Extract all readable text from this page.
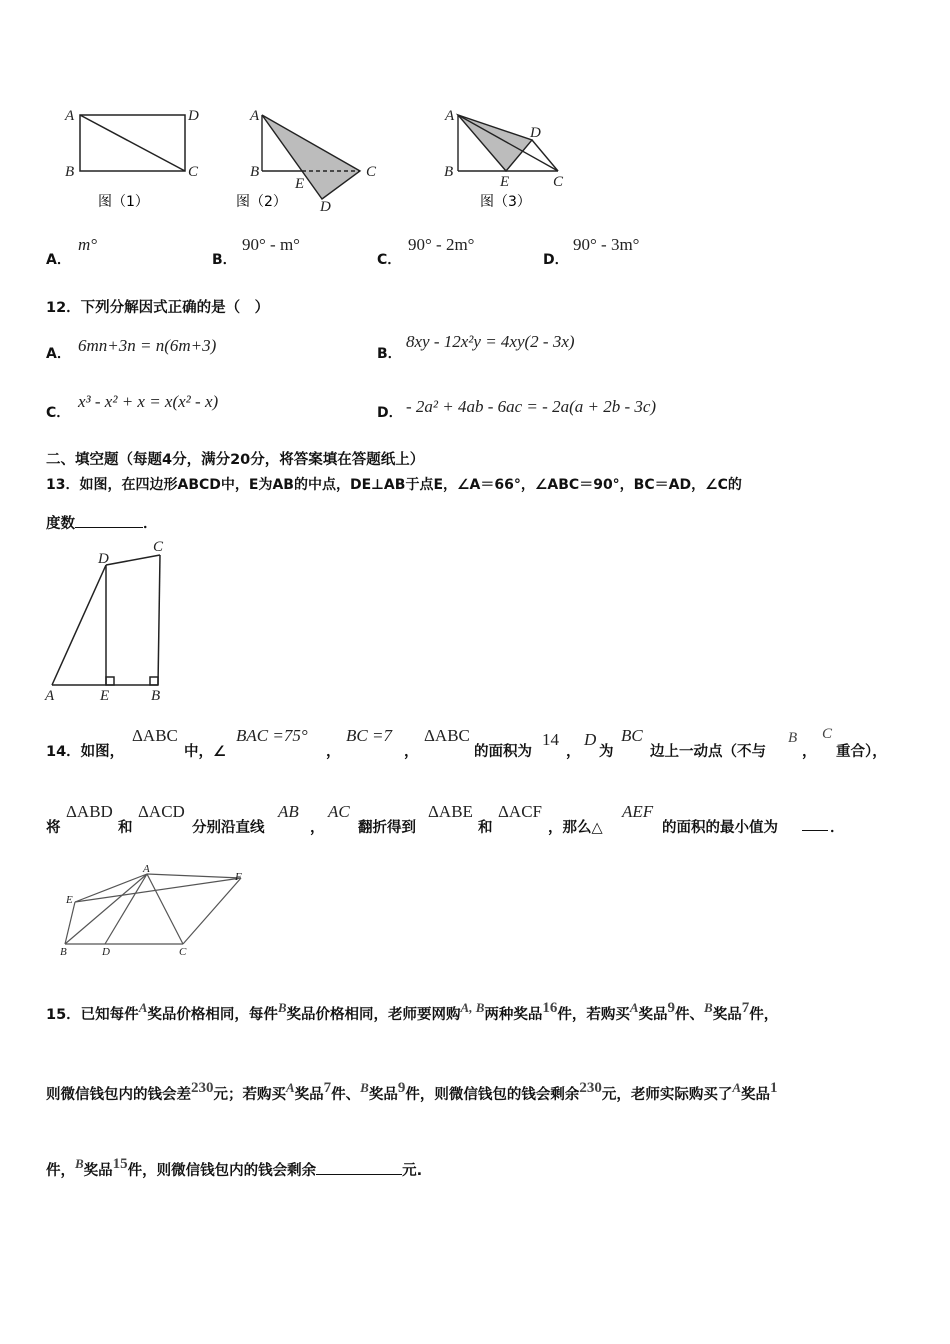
A	D
B	C
图（1）
A
B
E
C
D
图（2）
A
D
B
E	C
图（3）
A．
m°
B．
90° - m°
C．
90° - 2m°
D．
90° - 3m°
12．下列分解因式正确的是（　）
A． 6mn+3n = n(6m+3)	B．
8xy - 12x²y = 4xy(2 - 3x)
C．
x³ - x² + x = x(x² - x)
D． - 2a² + 4ab - 6ac = - 2a(a + 2b - 3c)
二、填空题（每题4分，满分20分，将答案填在答题纸上）
13．如图，在四边形ABCD中，E为AB的中点，DE⊥AB于点E，∠A＝66°，∠ABC＝90°，BC＝AD，∠C的
度数	．
D
C
A	E	B
14．如图，
ΔABC
中，∠
BAC =75°
，
BC =7
，
ΔABC
的面积为
14
，
D
为
BC
边上一动点（不与
B
，
C
重合），
将
ΔABD
和
ΔACD
分别沿直线
AB
，
AC
翻折得到
ΔABE
和
ΔACF
，那么△
AEF
的面积的最小值为	．
A
F
E
B	D	C
15．已知每件A奖品价格相同，每件B奖品价格相同，老师要网购A, B两种奖品16件，若购买A奖品9件、B奖品7件，
则微信钱包内的钱会差230元；若购买A奖品7件、B奖品9件，则微信钱包的钱会剩余230元，老师实际购买了A奖品1
件，B奖品15件，则微信钱包内的钱会剩余	元.
